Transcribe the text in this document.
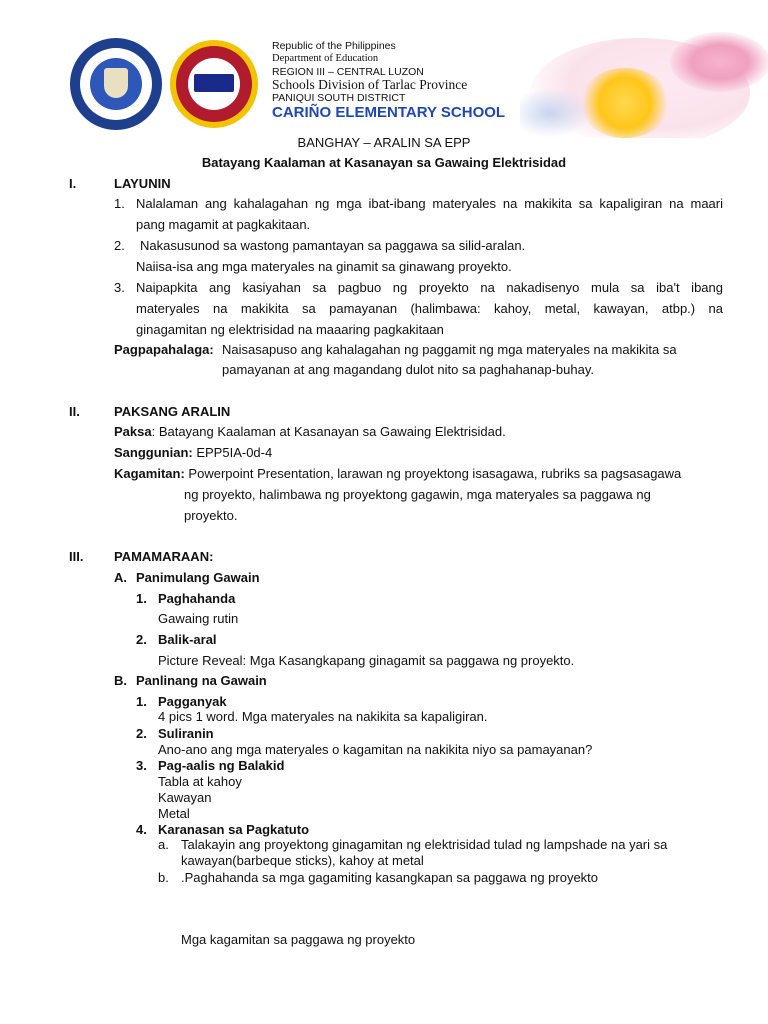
Republic of the Philippines
Department of Education
REGION III – CENTRAL LUZON
Schools Division of Tarlac Province
PANIQUI SOUTH DISTRICT
CARIÑO ELEMENTARY SCHOOL
BANGHAY – ARALIN SA EPP
Batayang Kaalaman at Kasanayan sa Gawaing Elektrisidad
I.	LAYUNIN
1. Nalalaman ang kahalagahan ng mga ibat-ibang materyales na makikita sa kapaligiran na maari
pang magamit at pagkakitaan.
2. Nakasusunod sa wastong pamantayan sa paggawa sa silid-aralan.
Naiisa-isa ang mga materyales na ginamit sa ginawang proyekto.
3. Naipapkita ang kasiyahan sa pagbuo ng proyekto na nakadisenyo mula sa iba't ibang
materyales na makikita sa pamayanan (halimbawa: kahoy, metal, kawayan, atbp.) na
ginagamitan ng elektrisidad na maaaring pagkakitaan
Pagpapahalaga: Naisasapuso ang kahalagahan ng paggamit ng mga materyales na makikita sa
pamayanan at ang magandang dulot nito sa paghahanap-buhay.
II.	PAKSANG ARALIN
Paksa: Batayang Kaalaman at Kasanayan sa Gawaing Elektrisidad.
Sanggunian: EPP5IA-0d-4
Kagamitan: Powerpoint Presentation, larawan ng proyektong isasagawa, rubriks sa pagsasagawa
ng proyekto, halimbawa ng proyektong gagawin, mga materyales sa paggawa ng
proyekto.
III. PAMAMARAAN:
A. Panimulang Gawain
1. Paghahanda
Gawaing rutin
2. Balik-aral
Picture Reveal: Mga Kasangkapang ginagamit sa paggawa ng proyekto.
B. Panlinang na Gawain
1. Pagganyak
4 pics 1 word. Mga materyales na nakikita sa kapaligiran.
2. Suliranin
Ano-ano ang mga materyales o kagamitan na nakikita niyo sa pamayanan?
3. Pag-aalis ng Balakid
Tabla at kahoy
Kawayan
Metal
4. Karanasan sa Pagkatuto
a. Talakayin ang proyektong ginagamitan ng elektrisidad tulad ng lampshade na yari sa
kawayan(barbeque sticks), kahoy at metal
b. .Paghahanda sa mga gagamiting kasangkapan sa paggawa ng proyekto
Mga kagamitan sa paggawa ng proyekto
